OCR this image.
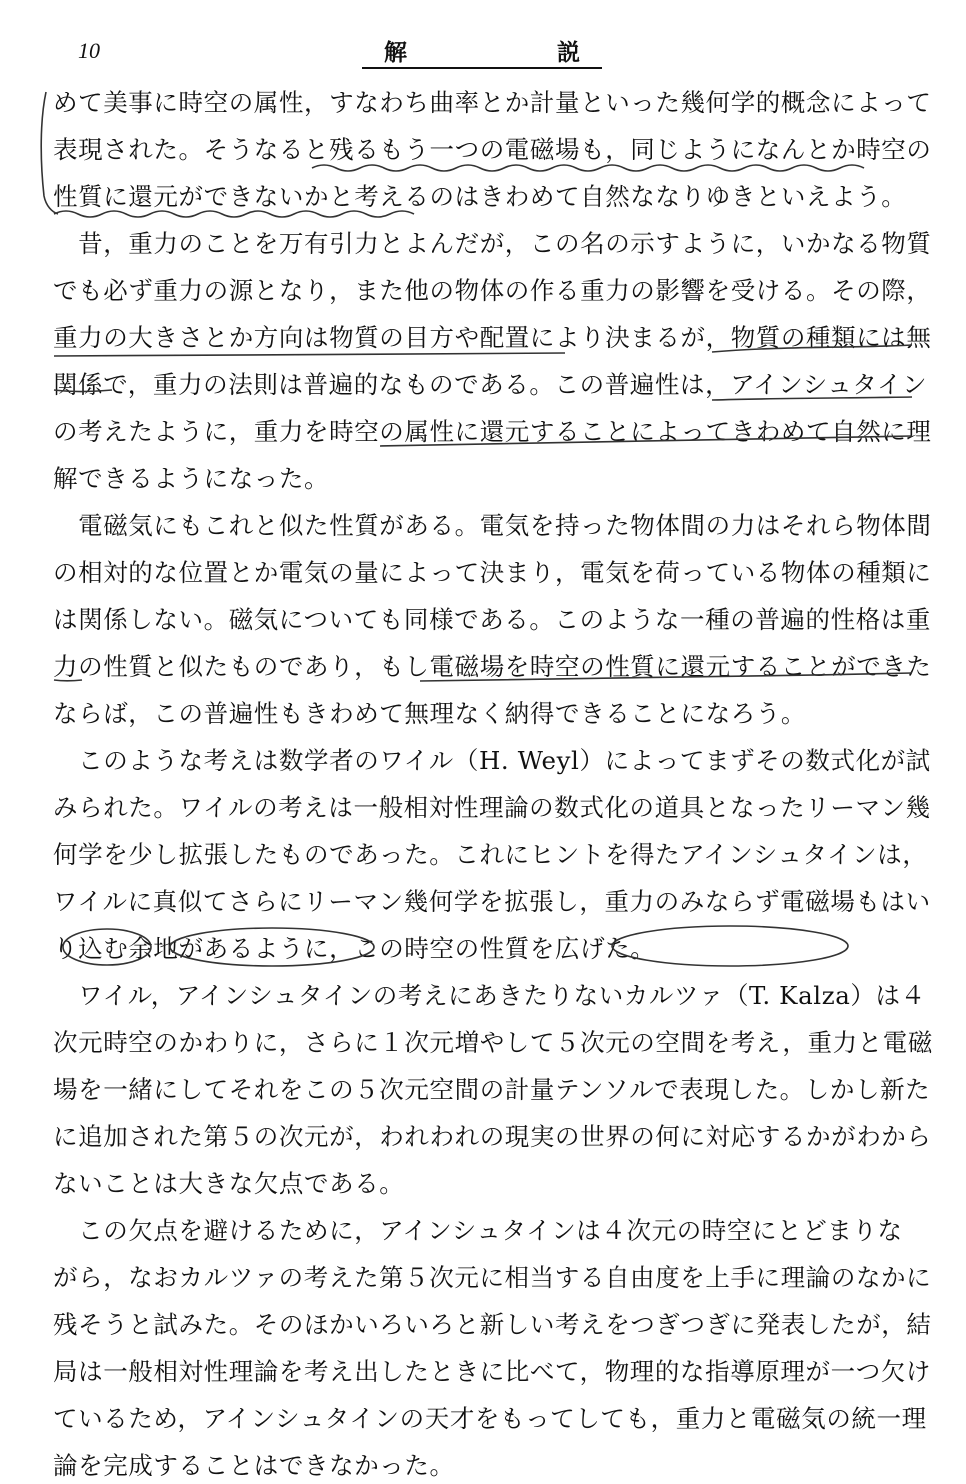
10	解	説
めて美事に時空の属性，すなわち曲率とか計量といった幾何学的概念によって
表現された。そうなると残るもう一つの電磁場も，同じようになんとか時空の
性質に還元ができないかと考えるのはきわめて自然ななりゆきといえよう。
　昔，重力のことを万有引力とよんだが，この名の示すように，いかなる物質
でも必ず重力の源となり，また他の物体の作る重力の影響を受ける。その際，
重力の大きさとか方向は物質の目方や配置により決まるが，物質の種類には無
関係で，重力の法則は普遍的なものである。この普遍性は，アインシュタイン
の考えたように，重力を時空の属性に還元することによってきわめて自然に理
解できるようになった。
　電磁気にもこれと似た性質がある。電気を持った物体間の力はそれら物体間
の相対的な位置とか電気の量によって決まり，電気を荷っている物体の種類に
は関係しない。磁気についても同様である。このような一種の普遍的性格は重
力の性質と似たものであり，もし電磁場を時空の性質に還元することができた
ならば，この普遍性もきわめて無理なく納得できることになろう。
　このような考えは数学者のワイル（H. Weyl）によってまずその数式化が試
みられた。ワイルの考えは一般相対性理論の数式化の道具となったリーマン幾
何学を少し拡張したものであった。これにヒントを得たアインシュタインは，
ワイルに真似てさらにリーマン幾何学を拡張し，重力のみならず電磁場もはい
り込む余地があるように，この時空の性質を広げた。
　ワイル，アインシュタインの考えにあきたりないカルツァ（T. Kalza）は４
次元時空のかわりに，さらに１次元増やして５次元の空間を考え，重力と電磁
場を一緒にしてそれをこの５次元空間の計量テンソルで表現した。しかし新た
に追加された第５の次元が，われわれの現実の世界の何に対応するかがわから
ないことは大きな欠点である。
　この欠点を避けるために，アインシュタインは４次元の時空にとどまりな
がら，なおカルツァの考えた第５次元に相当する自由度を上手に理論のなかに
残そうと試みた。そのほかいろいろと新しい考えをつぎつぎに発表したが，結
局は一般相対性理論を考え出したときに比べて，物理的な指導原理が一つ欠け
ているため，アインシュタインの天才をもってしても，重力と電磁気の統一理
論を完成することはできなかった。
